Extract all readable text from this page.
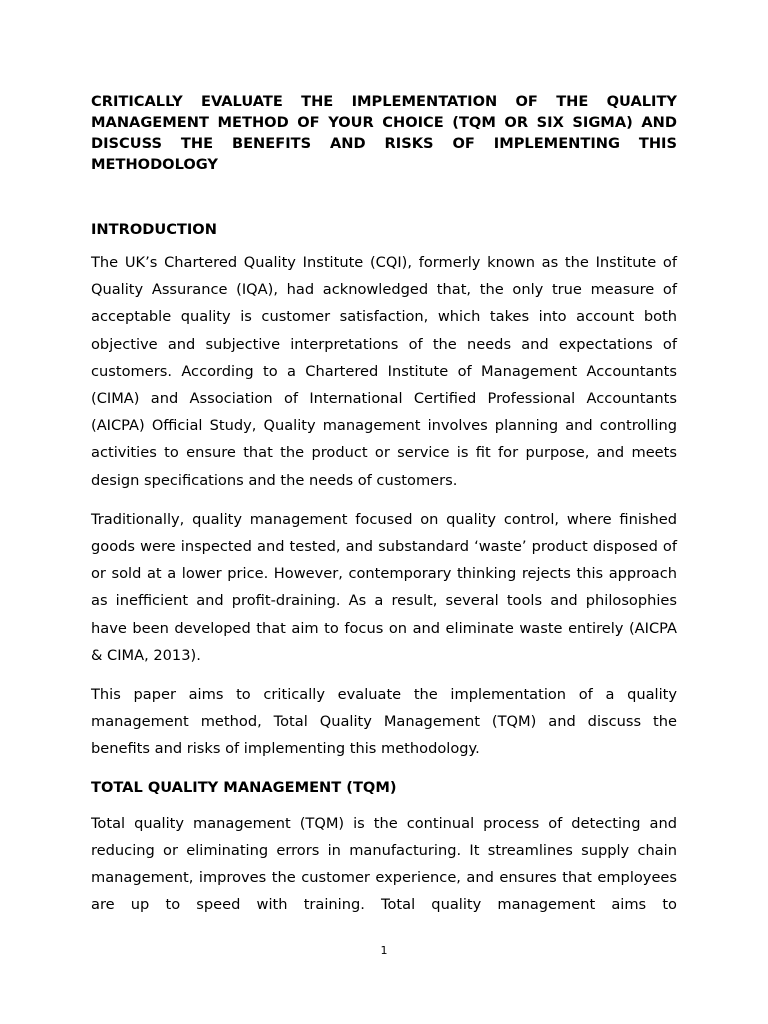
CRITICALLY EVALUATE THE IMPLEMENTATION OF THE QUALITY MANAGEMENT METHOD OF YOUR CHOICE (TQM OR SIX SIGMA) AND DISCUSS THE BENEFITS AND RISKS OF IMPLEMENTING THIS METHODOLOGY

INTRODUCTION

The UK’s Chartered Quality Institute (CQI), formerly known as the Institute of Quality Assurance (IQA), had acknowledged that, the only true measure of acceptable quality is customer satisfaction, which takes into account both objective and subjective interpretations of the needs and expectations of customers. According to a Chartered Institute of Management Accountants (CIMA) and Association of International Certified Professional Accountants (AICPA) Official Study, Quality management involves planning and controlling activities to ensure that the product or service is fit for purpose, and meets design specifications and the needs of customers.

Traditionally, quality management focused on quality control, where finished goods were inspected and tested, and substandard ‘waste’ product disposed of or sold at a lower price. However, contemporary thinking rejects this approach as inefficient and profit-draining. As a result, several tools and philosophies have been developed that aim to focus on and eliminate waste entirely (AICPA & CIMA, 2013).

This paper aims to critically evaluate the implementation of a quality management method, Total Quality Management (TQM) and discuss the benefits and risks of implementing this methodology.

TOTAL QUALITY MANAGEMENT (TQM)

Total quality management (TQM) is the continual process of detecting and reducing or eliminating errors in manufacturing. It streamlines supply chain management, improves the customer experience, and ensures that employees are up to speed with training. Total quality management aims to

1
